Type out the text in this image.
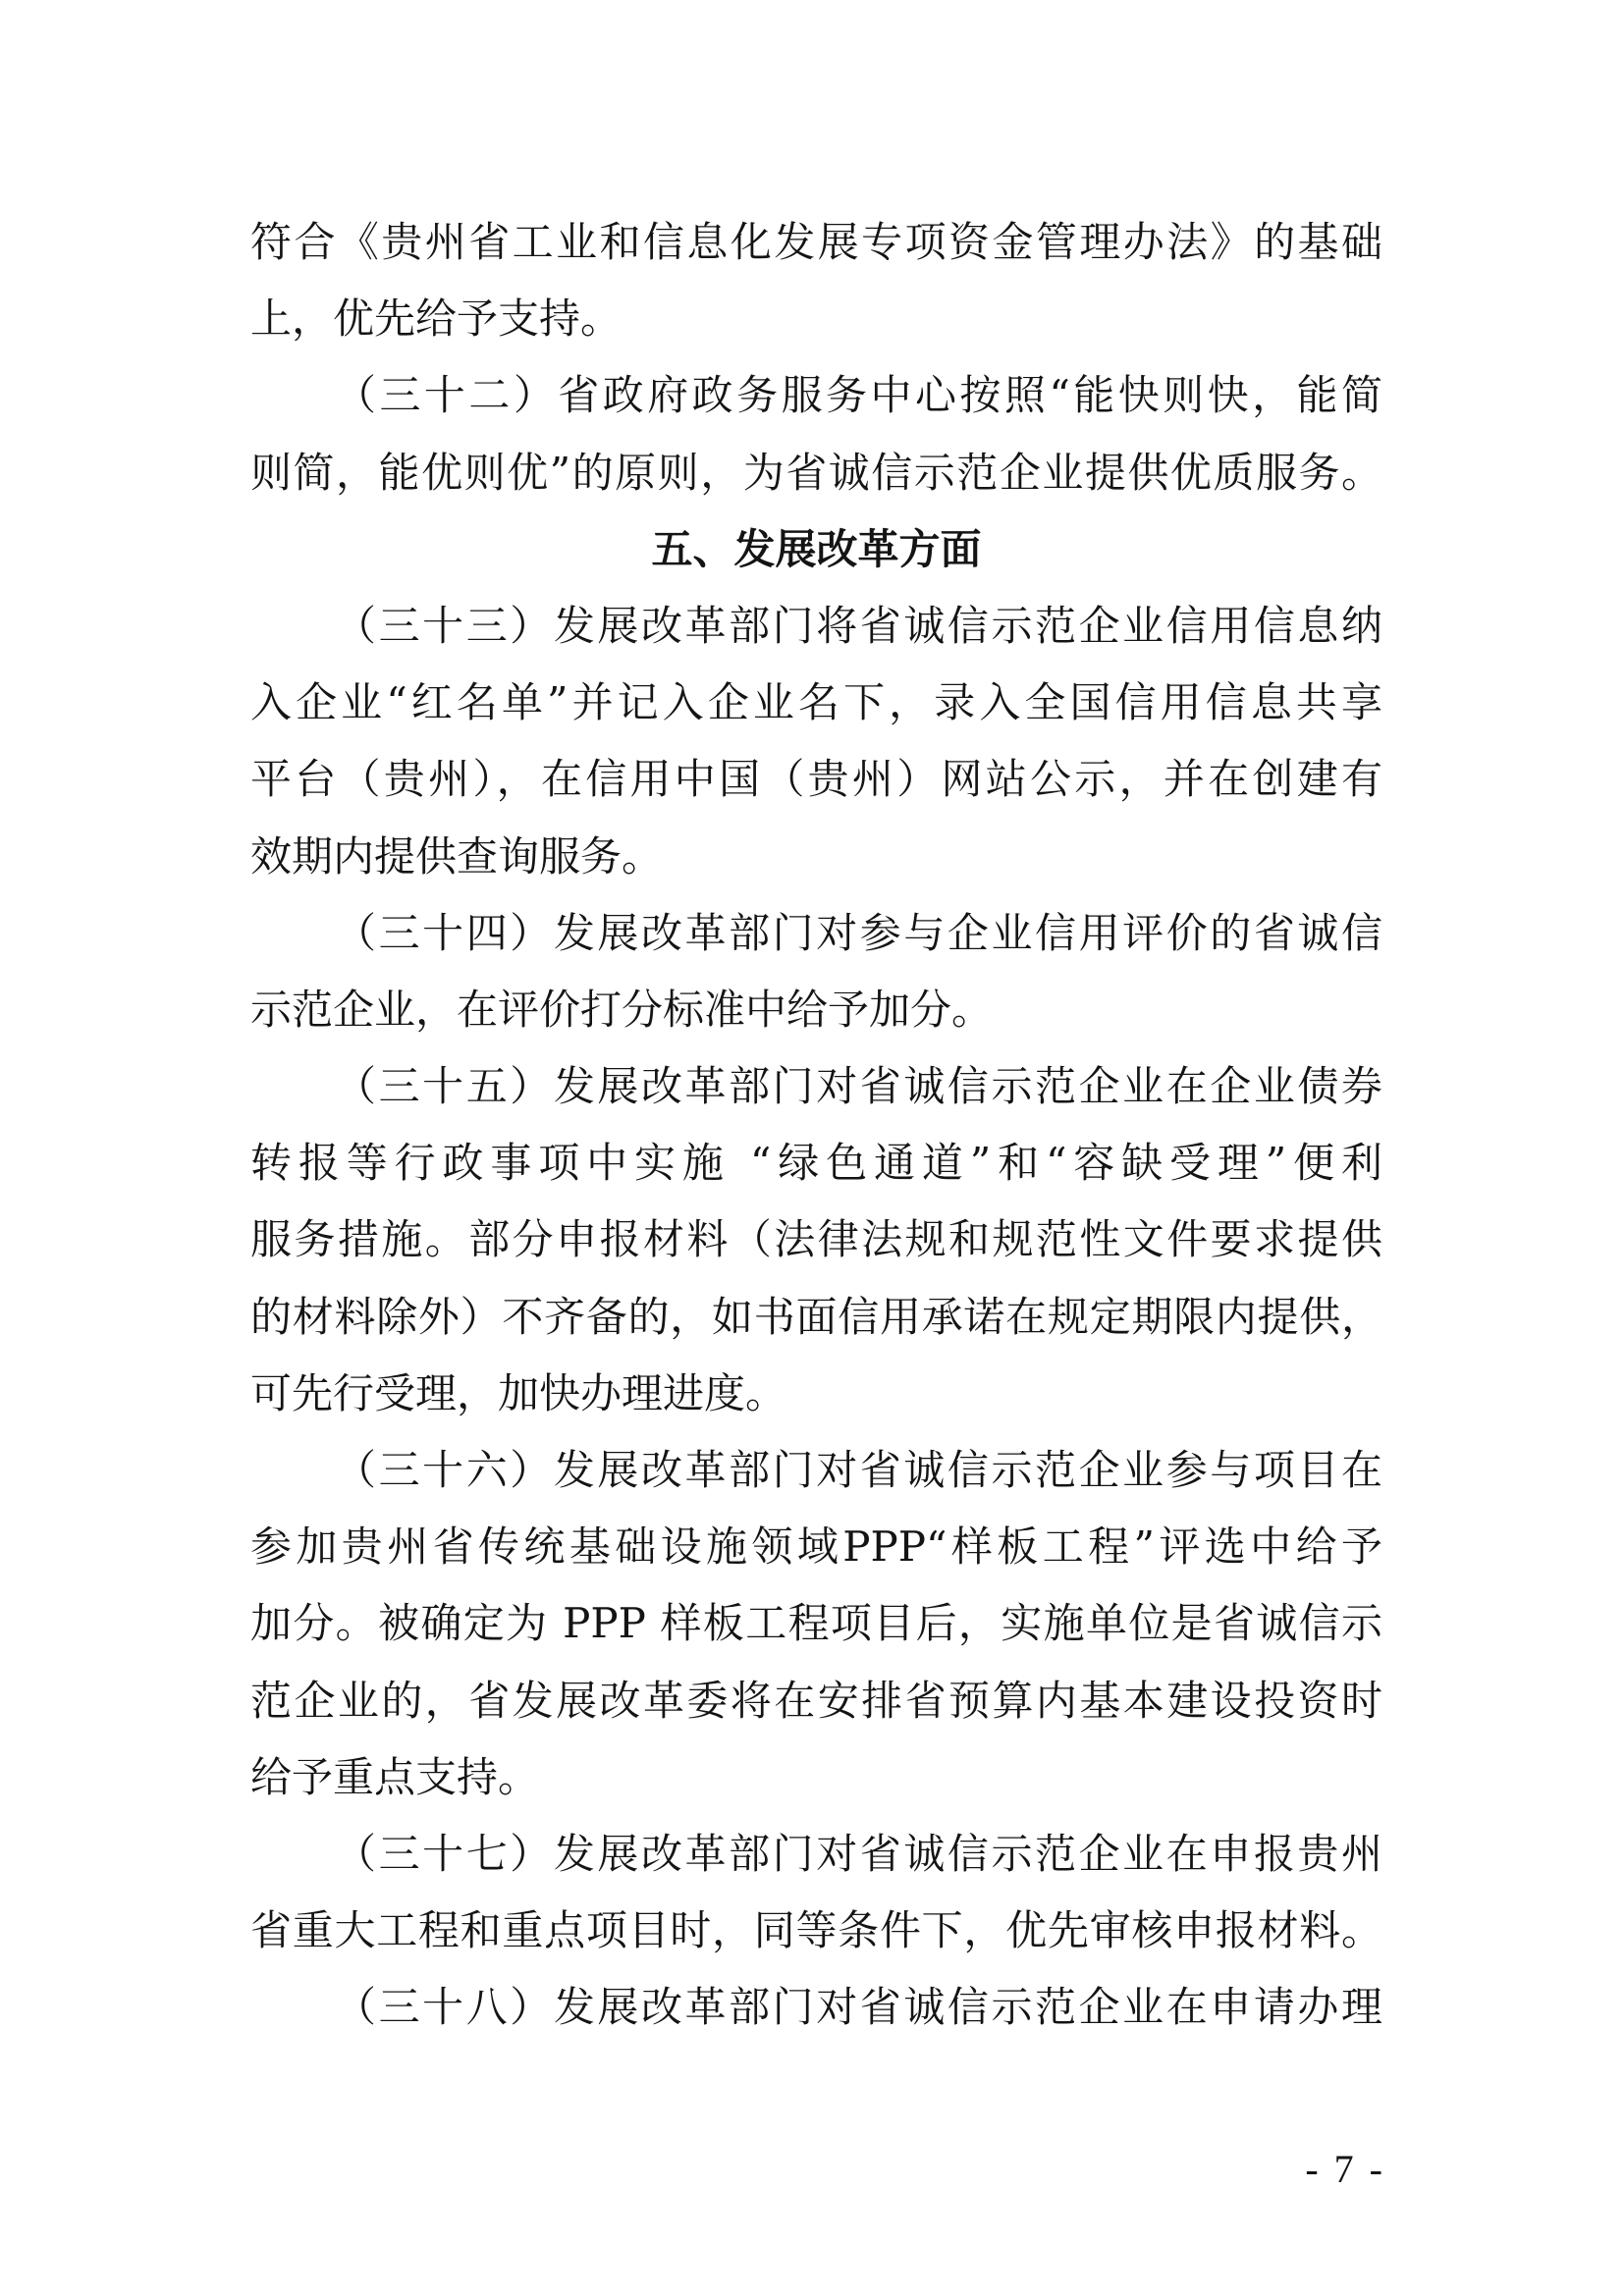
符合《贵州省工业和信息化发展专项资金管理办法》的基础
上，优先给予支持。
（三十二）省政府政务服务中心按照“能快则快，能简
则简，能优则优”的原则，为省诚信示范企业提供优质服务。
五、发展改革方面
（三十三）发展改革部门将省诚信示范企业信用信息纳
入企业“红名单”并记入企业名下，录入全国信用信息共享
平台（贵州），在信用中国（贵州）网站公示，并在创建有
效期内提供查询服务。
（三十四）发展改革部门对参与企业信用评价的省诚信
示范企业，在评价打分标准中给予加分。
（三十五）发展改革部门对省诚信示范企业在企业债券
转报等行政事项中实施 “绿色通道”和“容缺受理”便利
服务措施。部分申报材料（法律法规和规范性文件要求提供
的材料除外）不齐备的，如书面信用承诺在规定期限内提供，
可先行受理，加快办理进度。
（三十六）发展改革部门对省诚信示范企业参与项目在
参加贵州省传统基础设施领域PPP“样板工程”评选中给予
加分。被确定为 PPP 样板工程项目后，实施单位是省诚信示
范企业的，省发展改革委将在安排省预算内基本建设投资时
给予重点支持。
（三十七）发展改革部门对省诚信示范企业在申报贵州
省重大工程和重点项目时，同等条件下，优先审核申报材料。
（三十八）发展改革部门对省诚信示范企业在申请办理
- 7 -
